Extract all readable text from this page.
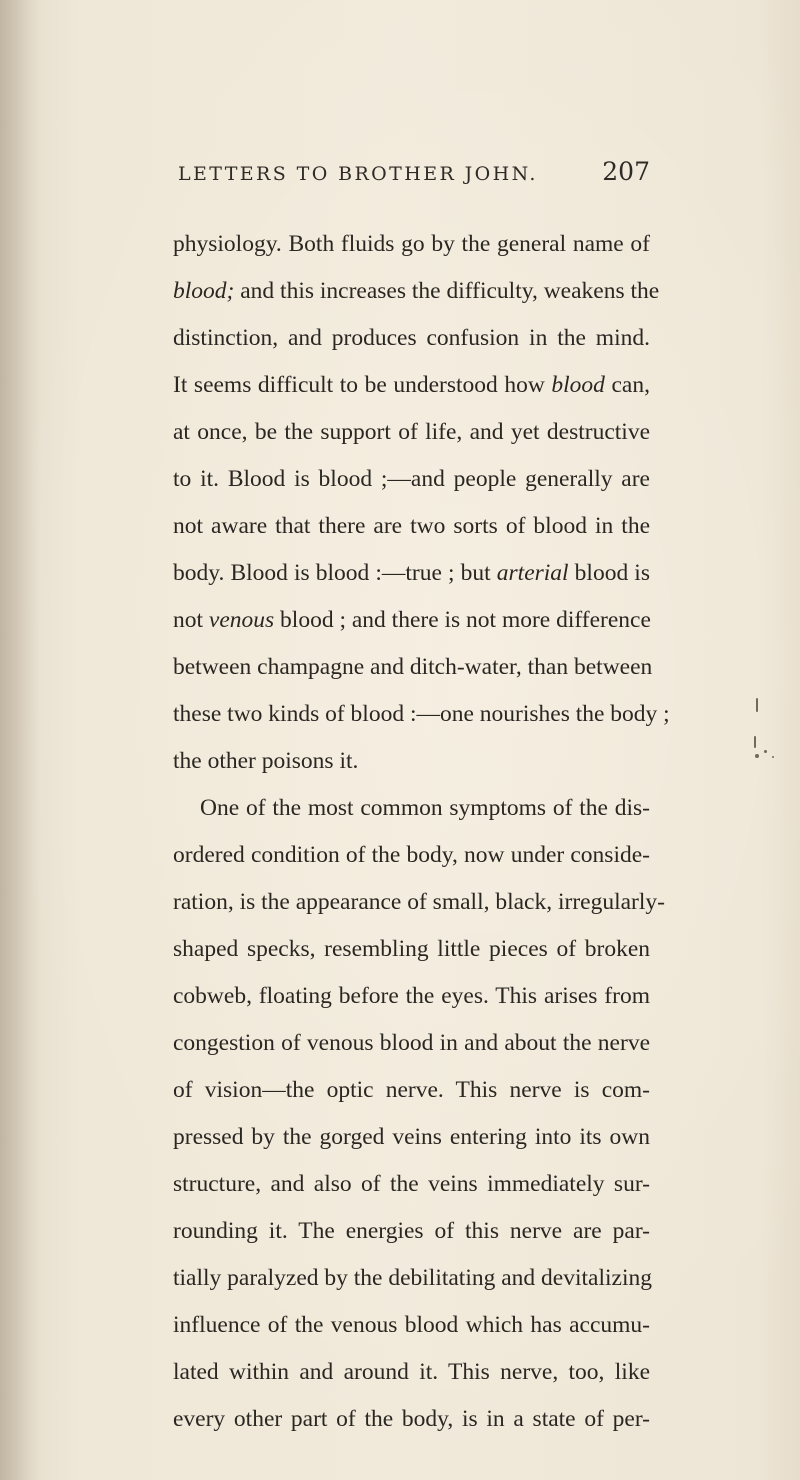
LETTERS TO BROTHER JOHN.	207
physiology. Both fluids go by the general name of
blood; and this increases the difficulty, weakens the
distinction, and produces confusion in the mind.
It seems difficult to be understood how blood can,
at once, be the support of life, and yet destructive
to it. Blood is blood ;—and people generally are
not aware that there are two sorts of blood in the
body. Blood is blood :—true ; but arterial blood is
not venous blood ; and there is not more difference
between champagne and ditch-water, than between
these two kinds of blood :—one nourishes the body ;
the other poisons it.
One of the most common symptoms of the dis-
ordered condition of the body, now under conside-
ration, is the appearance of small, black, irregularly-
shaped specks, resembling little pieces of broken
cobweb, floating before the eyes. This arises from
congestion of venous blood in and about the nerve
of vision—the optic nerve. This nerve is com-
pressed by the gorged veins entering into its own
structure, and also of the veins immediately sur-
rounding it. The energies of this nerve are par-
tially paralyzed by the debilitating and devitalizing
influence of the venous blood which has accumu-
lated within and around it. This nerve, too, like
every other part of the body, is in a state of per-
